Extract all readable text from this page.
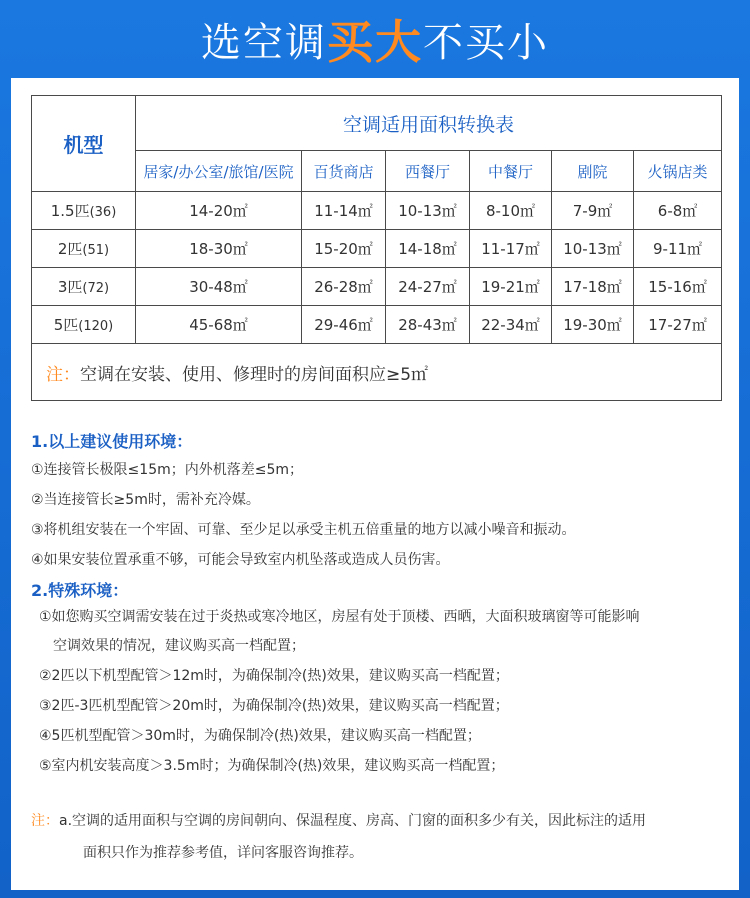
选空调 买大 不买小
机型	空调适用面积转换表					
	居家/办公室/旅馆/医院	百货商店	西餐厅	中餐厅	剧院	火锅店类
1.5匹(36)	14-20㎡	11-14㎡	10-13㎡	8-10㎡	7-9㎡	6-8㎡
2匹(51)	18-30㎡	15-20㎡	14-18㎡	11-17㎡	10-13㎡	9-11㎡
3匹(72)	30-48㎡	26-28㎡	24-27㎡	19-21㎡	17-18㎡	15-16㎡
5匹(120)	45-68㎡	29-46㎡	28-43㎡	22-34㎡	19-30㎡	17-27㎡
注：空调在安装、使用、修理时的房间面积应≥5㎡						
1.以上建议使用环境：
①连接管长极限≤15m；内外机落差≤5m；
②当连接管长≥5m时，需补充冷媒。
③将机组安装在一个牢固、可靠、至少足以承受主机五倍重量的地方以减小噪音和振动。
④如果安装位置承重不够，可能会导致室内机坠落或造成人员伤害。
2.特殊环境：
①如您购买空调需安装在过于炎热或寒冷地区，房屋有处于顶楼、西晒，大面积玻璃窗等可能影响
空调效果的情况，建议购买高一档配置；
②2匹以下机型配管＞12m时，为确保制冷(热)效果，建议购买高一档配置；
③2匹-3匹机型配管＞20m时，为确保制冷(热)效果，建议购买高一档配置；
④5匹机型配管＞30m时，为确保制冷(热)效果，建议购买高一档配置；
⑤室内机安装高度＞3.5m时；为确保制冷(热)效果，建议购买高一档配置；
注：a.空调的适用面积与空调的房间朝向、保温程度、房高、门窗的面积多少有关，因此标注的适用
面积只作为推荐参考值，详问客服咨询推荐。
